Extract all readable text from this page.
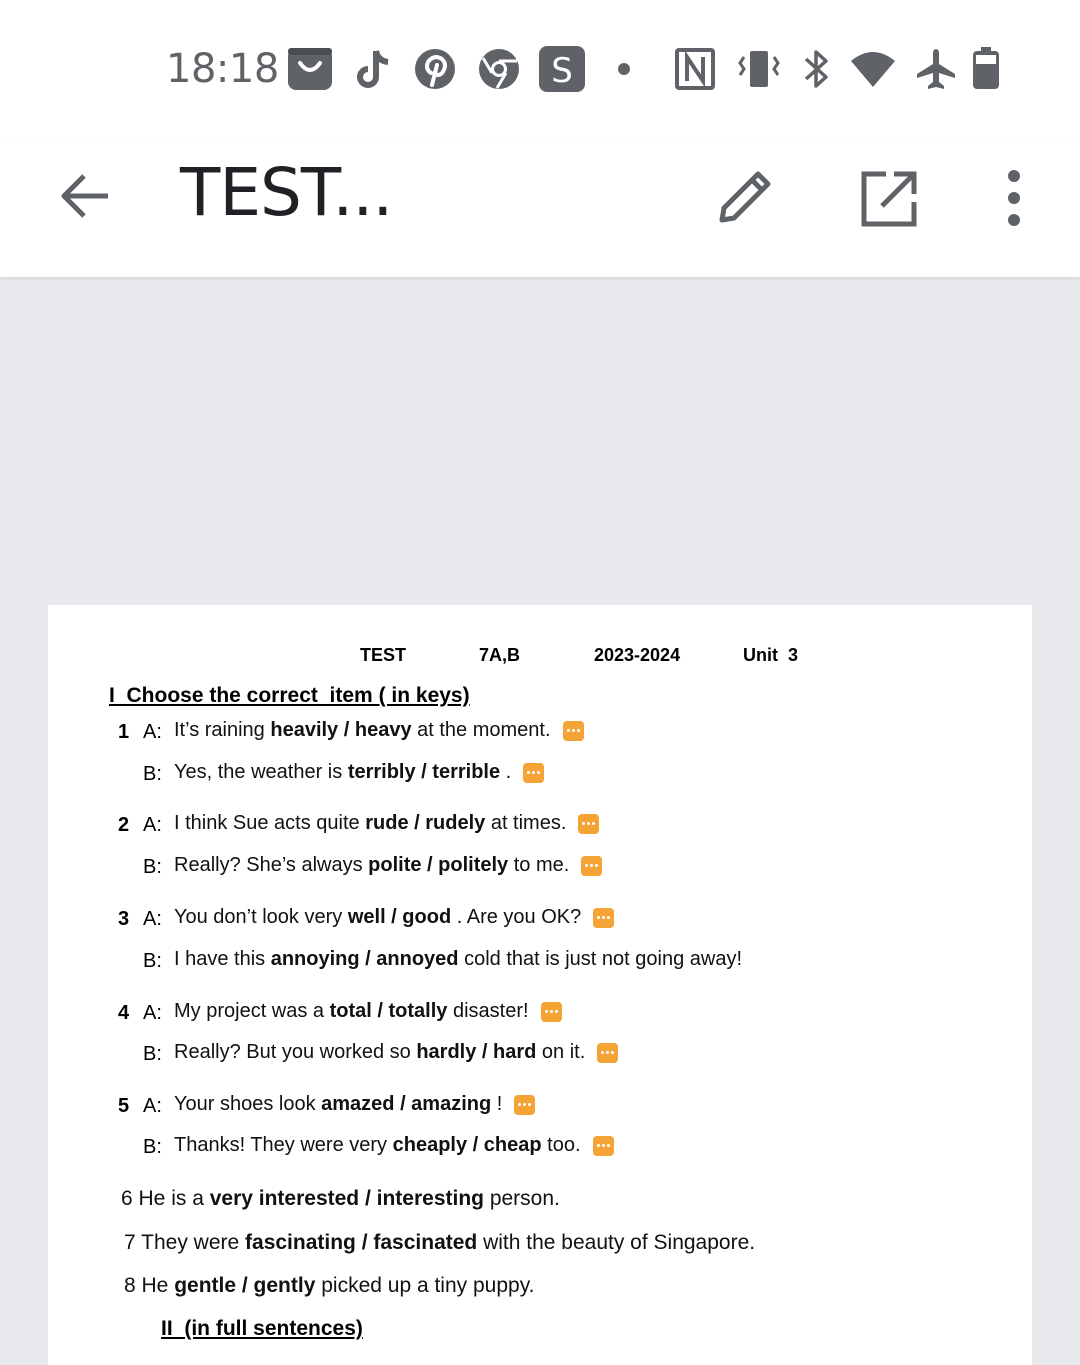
18:18	S
TEST...
TEST	7A,B	2023-2024	Unit  3
I  Choose the correct  item ( in keys)
1 A: It’s raining heavily / heavy at the moment.
B: Yes, the weather is terribly / terrible .
2 A: I think Sue acts quite rude / rudely at times.
B: Really? She’s always polite / politely to me.
3 A: You don’t look very well / good . Are you OK?
B: I have this annoying / annoyed cold that is just not going away!
4 A: My project was a total / totally disaster!
B: Really? But you worked so hardly / hard on it.
5 A: Your shoes look amazed / amazing !
B: Thanks! They were very cheaply / cheap too.
6 He is a very interested / interesting person.
7 They were fascinating / fascinated with the beauty of Singapore.
8 He gentle / gently picked up a tiny puppy.
II  (in full sentences)
